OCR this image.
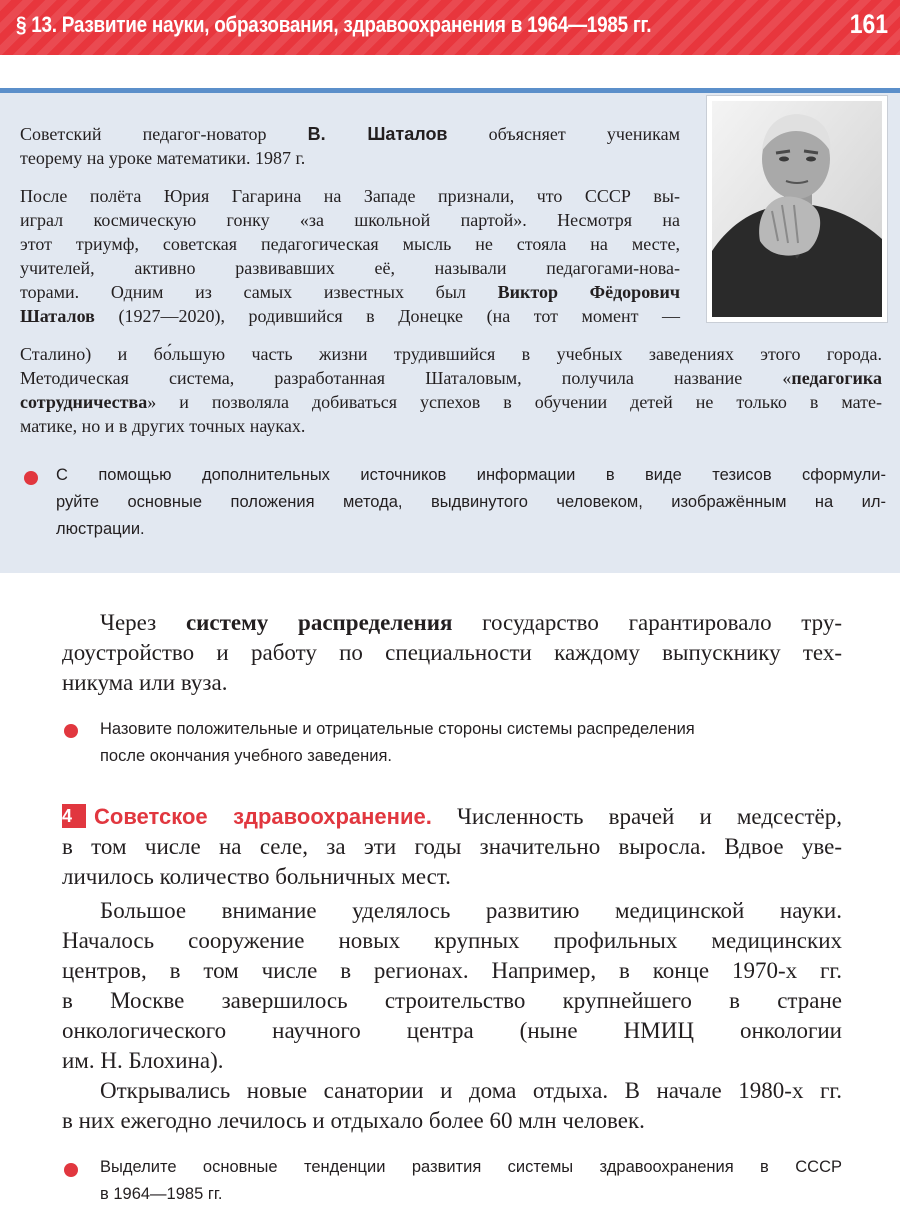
§ 13. Развитие науки, образования, здравоохранения в 1964—1985 гг.	161
Советский педагог-новатор В. Шаталов объясняет ученикам
теорему на уроке математики. 1987 г.
После полёта Юрия Гагарина на Западе признали, что СССР вы-
играл космическую гонку «за школьной партой». Несмотря на
этот триумф, советская педагогическая мысль не стояла на месте,
учителей, активно развивавших её, называли педагогами-нова-
торами. Одним из самых известных был Виктор Фёдорович
Шаталов (1927—2020), родившийся в Донецке (на тот момент —
Сталино) и бо́льшую часть жизни трудившийся в учебных заведениях этого города.
Методическая система, разработанная Шаталовым, получила название «педагогика
сотрудничества» и позволяла добиваться успехов в обучении детей не только в мате-
матике, но и в других точных науках.
С помощью дополнительных источников информации в виде тезисов сформули-
руйте основные положения метода, выдвинутого человеком, изображённым на ил-
люстрации.
Через систему распределения государство гарантировало тру-
доустройство и работу по специальности каждому выпускнику тех-
никума или вуза.
Назовите положительные и отрицательные стороны системы распределения
после окончания учебного заведения.
4 Советское здравоохранение. Численность врачей и медсестёр,
в том числе на селе, за эти годы значительно выросла. Вдвое уве-
личилось количество больничных мест.
Большое внимание уделялось развитию медицинской науки.
Началось сооружение новых крупных профильных медицинских
центров, в том числе в регионах. Например, в конце 1970-х гг.
в Москве завершилось строительство крупнейшего в стране
онкологического научного центра (ныне НМИЦ онкологии
им. Н. Блохина).
Открывались новые санатории и дома отдыха. В начале 1980-х гг.
в них ежегодно лечилось и отдыхало более 60 млн человек.
Выделите основные тенденции развития системы здравоохранения в СССР
в 1964—1985 гг.
